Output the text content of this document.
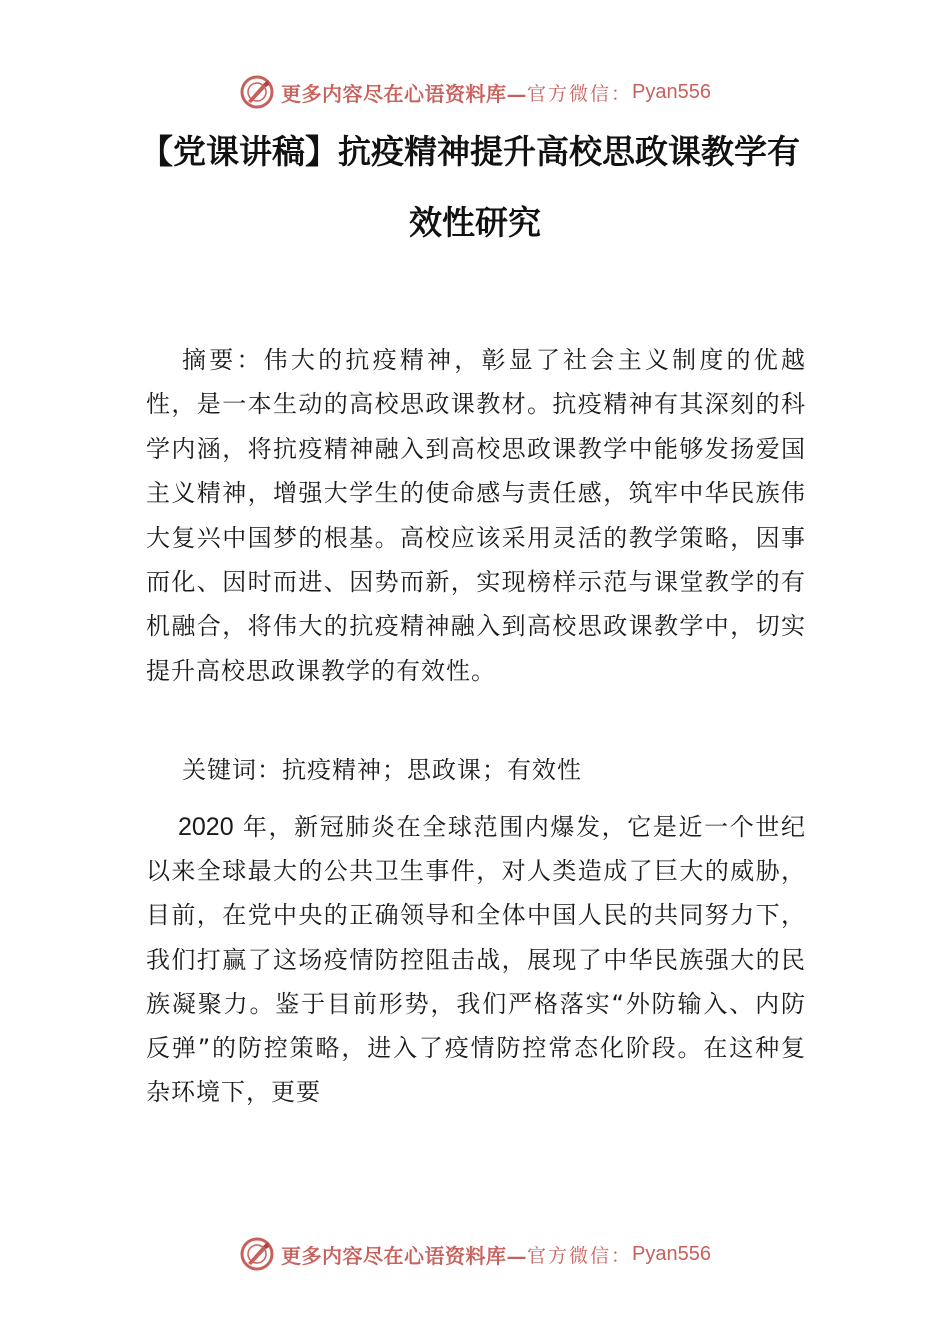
更多内容尽在心语资料库— 官方微信： Pyan556
【党课讲稿】抗疫精神提升高校思政课教学有
效性研究

摘要：伟大的抗疫精神，彰显了社会主义制度的优越性，是一本生动的高校思政课教材。抗疫精神有其深刻的科学内涵，将抗疫精神融入到高校思政课教学中能够发扬爱国主义精神，增强大学生的使命感与责任感，筑牢中华民族伟大复兴中国梦的根基。高校应该采用灵活的教学策略，因事而化、因时而进、因势而新，实现榜样示范与课堂教学的有机融合，将伟大的抗疫精神融入到高校思政课教学中，切实提升高校思政课教学的有效性。

关键词：抗疫精神；思政课；有效性

2020 年，新冠肺炎在全球范围内爆发，它是近一个世纪以来全球最大的公共卫生事件，对人类造成了巨大的威胁，目前，在党中央的正确领导和全体中国人民的共同努力下，我们打赢了这场疫情防控阻击战，展现了中华民族强大的民族凝聚力。鉴于目前形势，我们严格落实“外防输入、内防反弹”的防控策略，进入了疫情防控常态化阶段。在这种复杂环境下，更要

更多内容尽在心语资料库— 官方微信： Pyan556
